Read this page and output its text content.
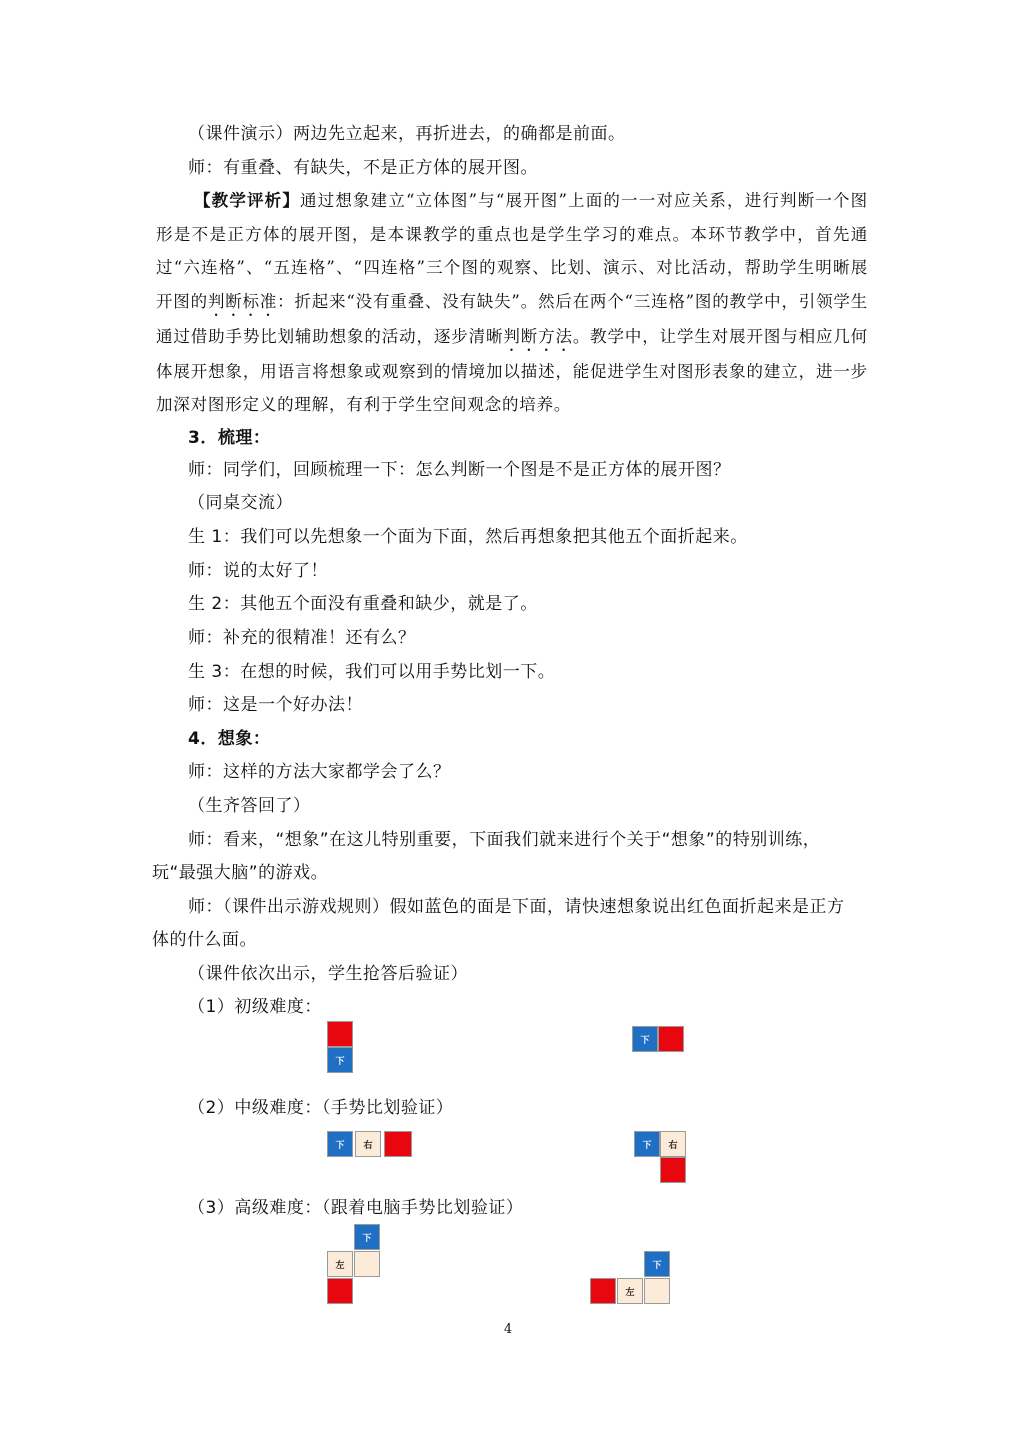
（课件演示）两边先立起来，再折进去，的确都是前面。
师：有重叠、有缺失，不是正方体的展开图。
【教学评析】通过想象建立“立体图”与“展开图”上面的一一对应关系，进行判断一个图形是不是正方体的展开图，是本课教学的重点也是学生学习的难点。本环节教学中，首先通过“六连格”、“五连格”、“四连格”三个图的观察、比划、演示、对比活动，帮助学生明晰展开图的判断标准：折起来“没有重叠、没有缺失”。然后在两个“三连格”图的教学中，引领学生通过借助手势比划辅助想象的活动，逐步清晰判断方法。教学中，让学生对展开图与相应几何体展开想象，用语言将想象或观察到的情境加以描述，能促进学生对图形表象的建立，进一步加深对图形定义的理解，有利于学生空间观念的培养。
3．梳理：
师：同学们，回顾梳理一下：怎么判断一个图是不是正方体的展开图？
（同桌交流）
生 1：我们可以先想象一个面为下面，然后再想象把其他五个面折起来。
师：说的太好了！
生 2：其他五个面没有重叠和缺少，就是了。
师：补充的很精准！还有么？
生 3：在想的时候，我们可以用手势比划一下。
师：这是一个好办法！
4．想象：
师：这样的方法大家都学会了么？
（生齐答回了）
师：看来，“想象”在这儿特别重要，下面我们就来进行个关于“想象”的特别训练，
玩“最强大脑”的游戏。
师：（课件出示游戏规则）假如蓝色的面是下面，请快速想象说出红色面折起来是正方
体的什么面。
（课件依次出示，学生抢答后验证）
（1）初级难度：
下
下
（2）中级难度：（手势比划验证）
下	右	下	右
（3）高级难度：（跟着电脑手势比划验证）
下
左	下
左
4
